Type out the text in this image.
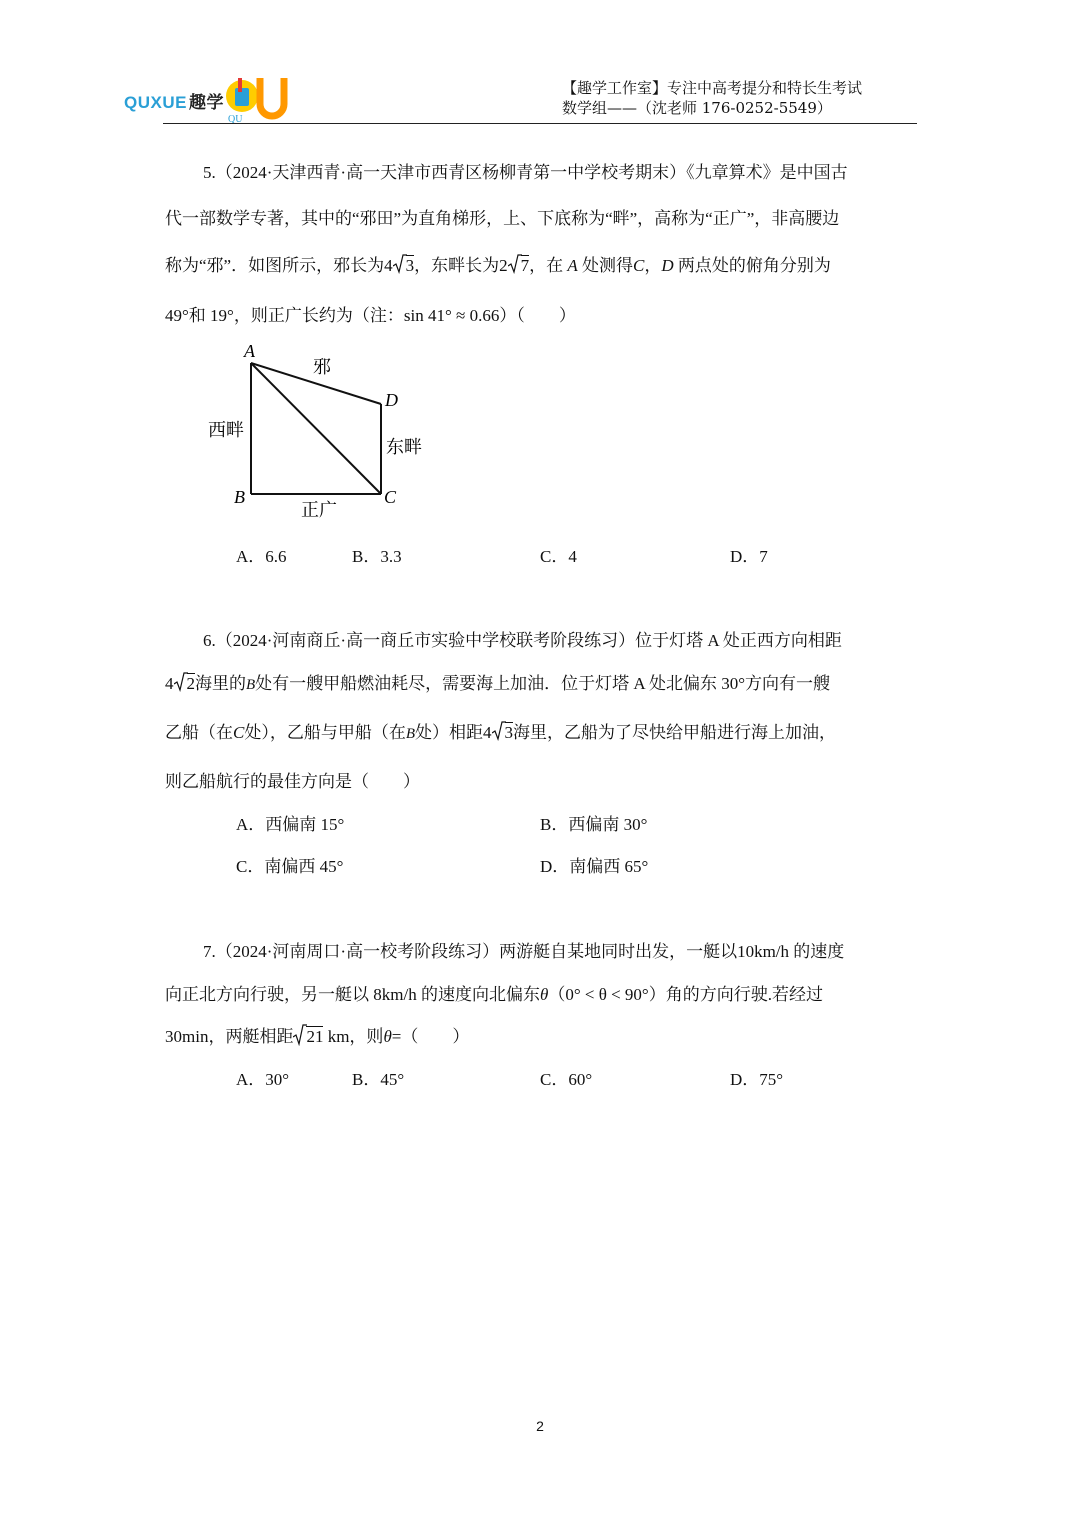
QUXUE 趣学
QU
【趣学工作室】专注中高考提分和特长生考试
数学组——（沈老师 176-0252-5549）
5.（2024·天津西青·高一天津市西青区杨柳青第一中学校考期末）《九章算术》是中国古
代一部数学专著，其中的“邪田”为直角梯形，上、下底称为“畔”，高称为“正广”，非高腰边
称为“邪”．如图所示，邪长为4 3，东畔长为2 7，在 A 处测得C，D 两点处的俯角分别为
49°和 19°，则正广长约为（注：sin 41° ≈ 0.66）（　　）
A
B	C
D
邪
西畔
东畔
正广
A．6.6	B．3.3	C．4	D．7
6.（2024·河南商丘·高一商丘市实验中学校联考阶段练习）位于灯塔 A 处正西方向相距
4 2海里的B处有一艘甲船燃油耗尽，需要海上加油．位于灯塔 A 处北偏东 30°方向有一艘
乙船（在C处），乙船与甲船（在B处）相距4 3海里，乙船为了尽快给甲船进行海上加油，
则乙船航行的最佳方向是（　　）
A．西偏南 15°	B．西偏南 30°
C．南偏西 45°	D．南偏西 65°
7.（2024·河南周口·高一校考阶段练习）两游艇自某地同时出发，一艇以10km/h 的速度
向正北方向行驶，另一艇以 8km/h 的速度向北偏东θ（0° < θ < 90°）角的方向行驶.若经过
30min，两艇相距 21 km，则θ=（　　）
A．30°	B．45°	C．60°	D．75°
2
